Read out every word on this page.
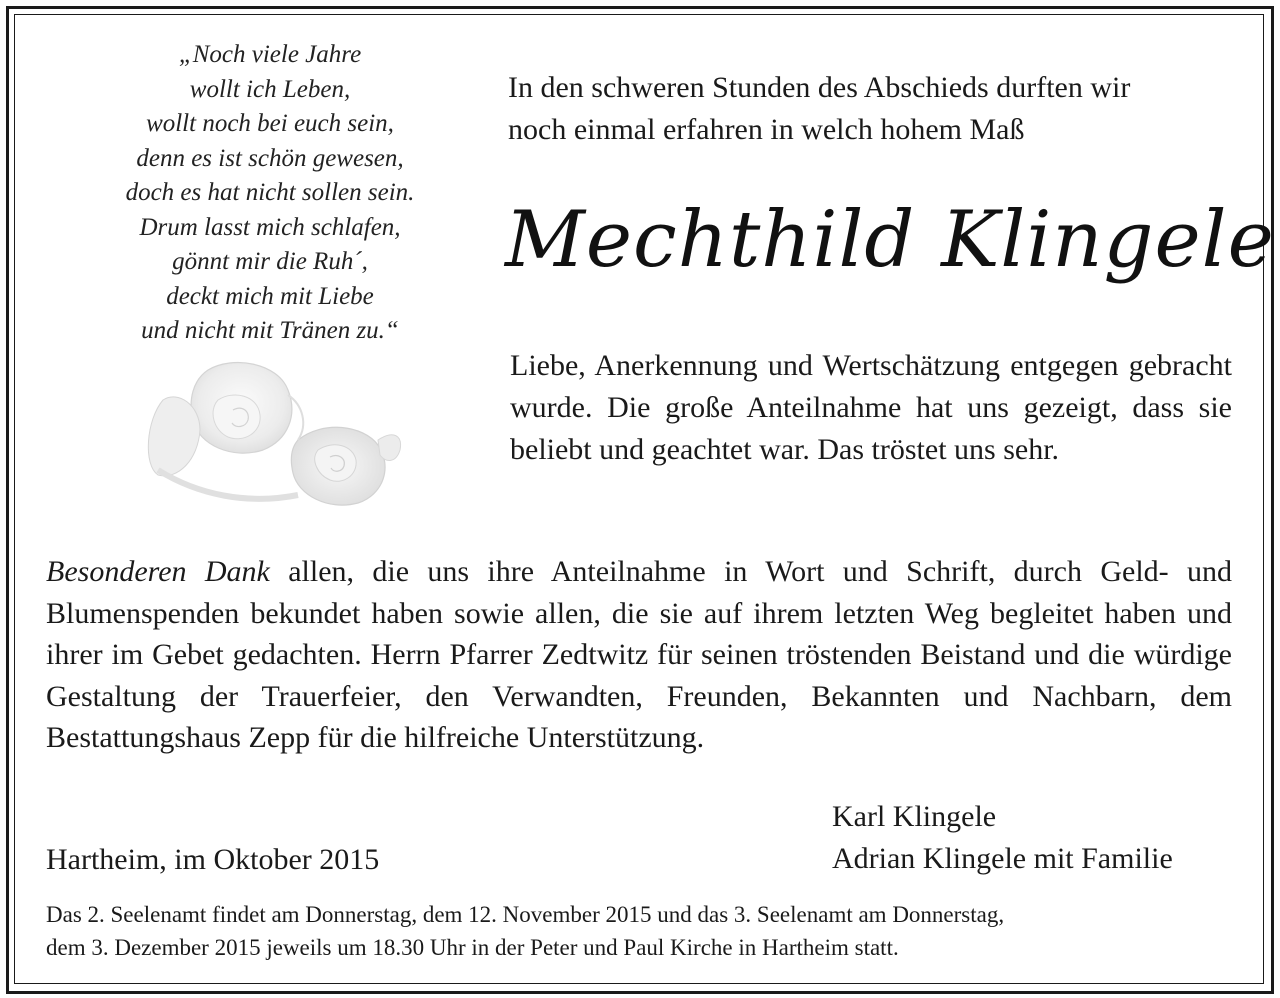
„Noch viele Jahre
wollt ich Leben,
wollt noch bei euch sein,
denn es ist schön gewesen,
doch es hat nicht sollen sein.
Drum lasst mich schlafen,
gönnt mir die Ruh´,
deckt mich mit Liebe
und nicht mit Tränen zu.“
In den schweren Stunden des Abschieds durften wir
noch einmal erfahren in welch hohem Maß
Mechthild Klingele
Liebe, Anerkennung und Wertschätzung entgegen gebracht wurde. Die große Anteilnahme hat uns gezeigt, dass sie beliebt und geachtet war. Das tröstet uns sehr.
Besonderen Dank allen, die uns ihre Anteilnahme in Wort und Schrift, durch Geld- und Blumenspenden bekundet haben sowie allen, die sie auf ihrem letzten Weg begleitet haben und ihrer im Gebet gedachten. Herrn Pfarrer Zedtwitz für seinen tröstenden Beistand und die würdige Gestaltung der Trauerfeier, den Verwandten, Freunden, Bekannten und Nachbarn, dem Bestattungshaus Zepp für die hilfreiche Unterstützung.
Hartheim, im Oktober 2015
Karl Klingele
Adrian Klingele mit Familie
Das 2. Seelenamt findet am Donnerstag, dem 12. November 2015 und das 3. Seelenamt am Donnerstag,
dem 3. Dezember 2015 jeweils um 18.30 Uhr in der Peter und Paul Kirche in Hartheim statt.
